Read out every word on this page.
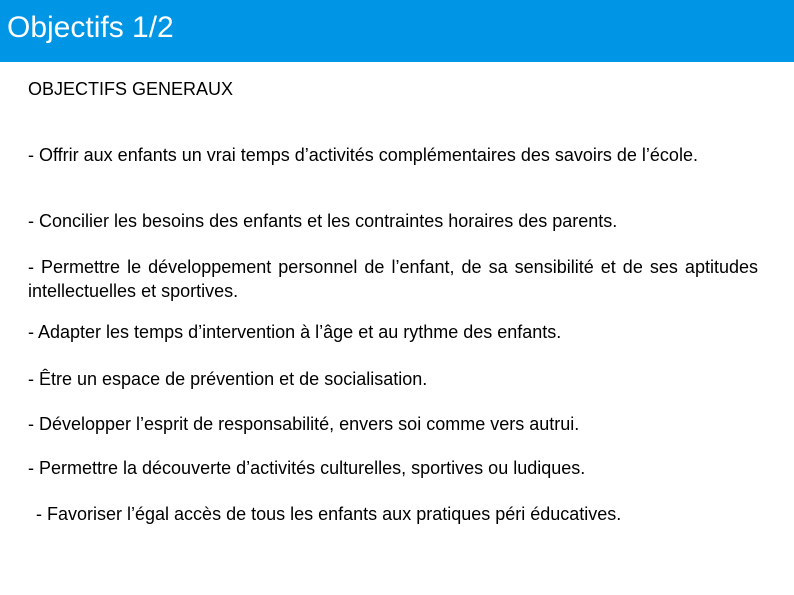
Objectifs 1/2
OBJECTIFS GENERAUX

- Offrir aux enfants un vrai temps d’activités complémentaires des savoirs de l’école.

- Concilier les besoins des enfants et les contraintes horaires des parents.

- Permettre le développement personnel de l’enfant, de sa sensibilité et de ses aptitudes intellectuelles et sportives.

- Adapter les temps d’intervention à l’âge et au rythme des enfants.

- Être un espace de prévention et de socialisation.

- Développer l’esprit de responsabilité, envers soi comme vers autrui.

- Permettre la découverte d’activités culturelles, sportives ou ludiques.

- Favoriser l’égal accès de tous les enfants aux pratiques péri éducatives.
